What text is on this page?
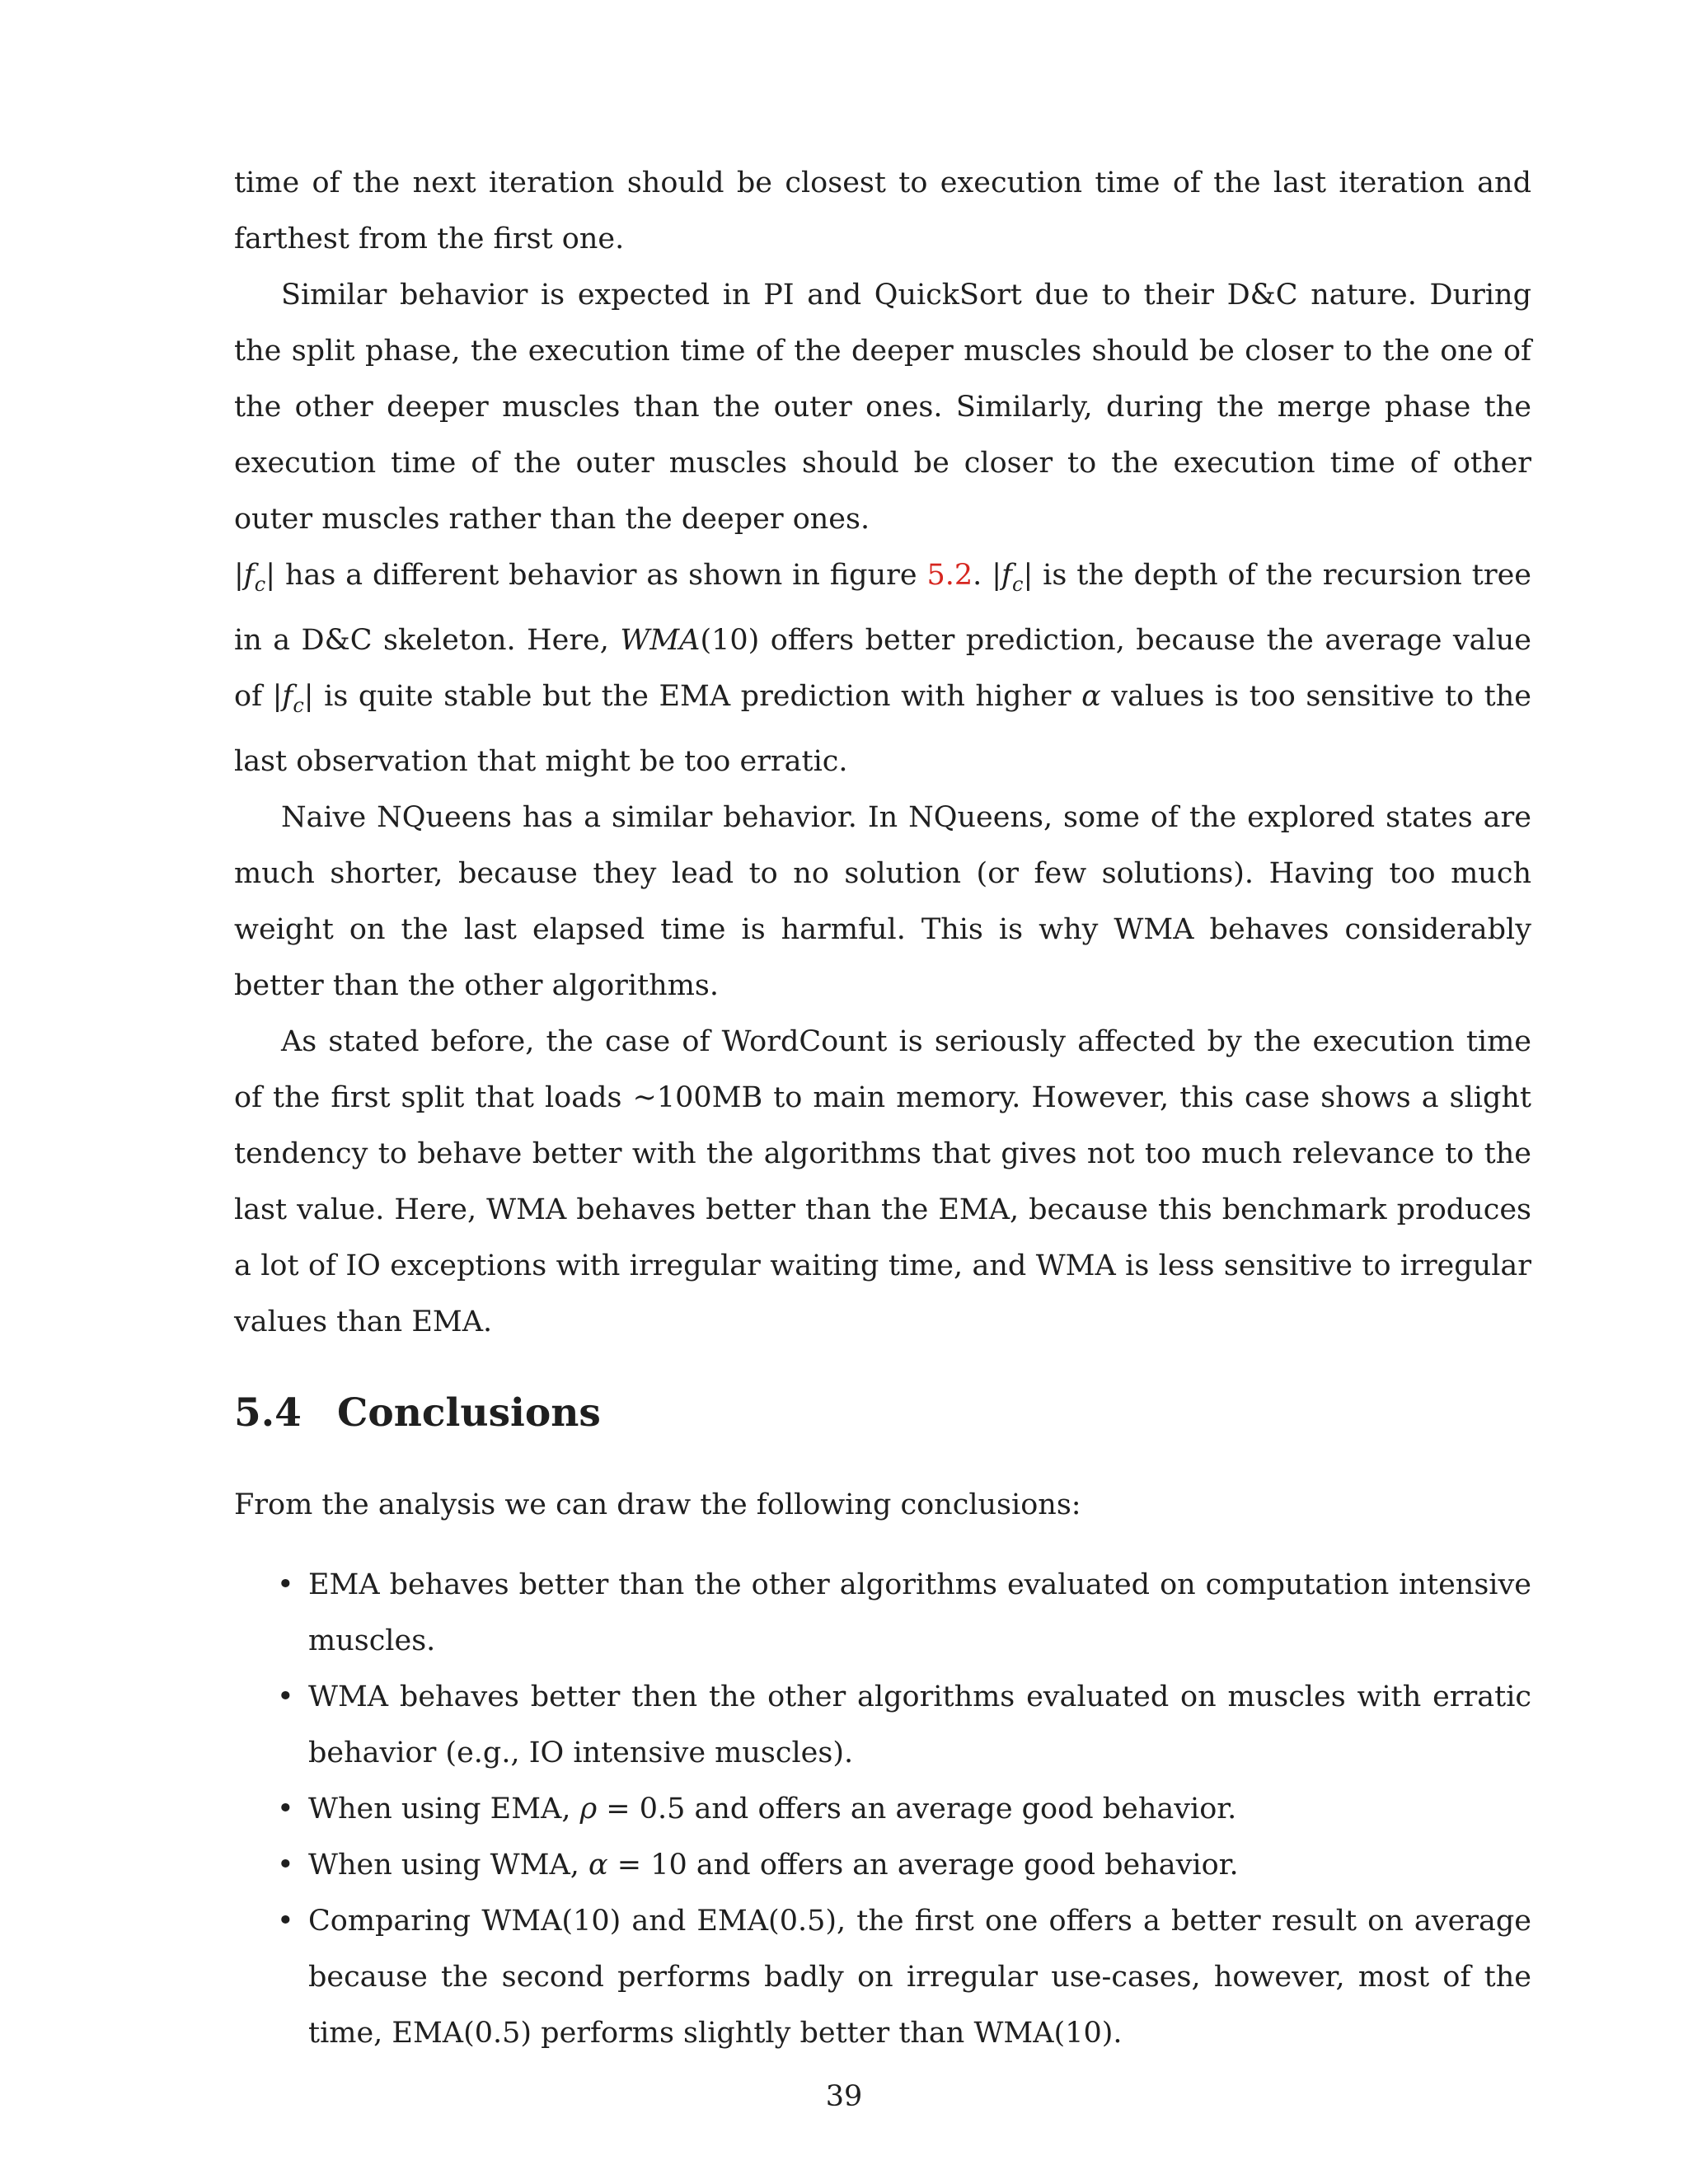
time of the next iteration should be closest to execution time of the last iteration and farthest from the first one.

Similar behavior is expected in PI and QuickSort due to their D&C nature. During the split phase, the execution time of the deeper muscles should be closer to the one of the other deeper muscles than the outer ones. Similarly, during the merge phase the execution time of the outer muscles should be closer to the execution time of other outer muscles rather than the deeper ones.

$|f_c|$ has a different behavior as shown in figure 5.2. $|f_c|$ is the depth of the recursion tree in a D&C skeleton. Here, WMA(10) offers better prediction, because the average value of $|f_c|$ is quite stable but the EMA prediction with higher α values is too sensitive to the last observation that might be too erratic.

Naive NQueens has a similar behavior. In NQueens, some of the explored states are much shorter, because they lead to no solution (or few solutions). Having too much weight on the last elapsed time is harmful. This is why WMA behaves considerably better than the other algorithms.

As stated before, the case of WordCount is seriously affected by the execution time of the first split that loads ∼100MB to main memory. However, this case shows a slight tendency to behave better with the algorithms that gives not too much relevance to the last value. Here, WMA behaves better than the EMA, because this benchmark produces a lot of IO exceptions with irregular waiting time, and WMA is less sensitive to irregular values than EMA.

5.4 Conclusions

From the analysis we can draw the following conclusions:

• EMA behaves better than the other algorithms evaluated on computation intensive muscles.
• WMA behaves better then the other algorithms evaluated on muscles with erratic behavior (e.g., IO intensive muscles).
• When using EMA, ρ = 0.5 and offers an average good behavior.
• When using WMA, α = 10 and offers an average good behavior.
• Comparing WMA(10) and EMA(0.5), the first one offers a better result on average because the second performs badly on irregular use-cases, however, most of the time, EMA(0.5) performs slightly better than WMA(10).
39
